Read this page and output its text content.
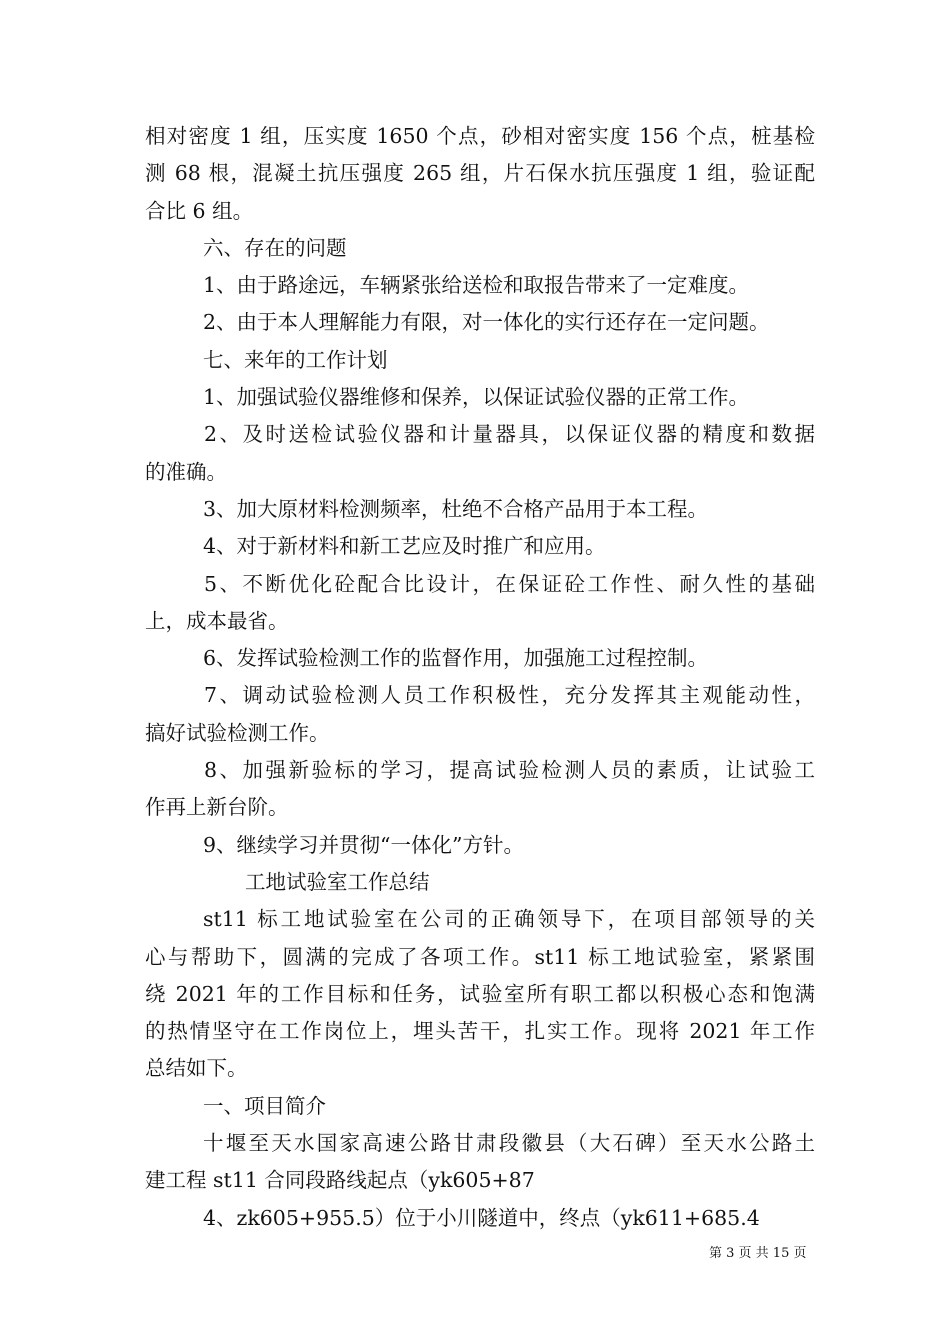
相对密度 1 组，压实度 1650 个点，砂相对密实度 156 个点，桩基检
测 68 根，混凝土抗压强度 265 组，片石保水抗压强度 1 组，验证配
合比 6 组。
六、存在的问题
1、由于路途远，车辆紧张给送检和取报告带来了一定难度。
2、由于本人理解能力有限，对一体化的实行还存在一定问题。
七、来年的工作计划
1、加强试验仪器维修和保养，以保证试验仪器的正常工作。
2、及时送检试验仪器和计量器具，以保证仪器的精度和数据
的准确。
3、加大原材料检测频率，杜绝不合格产品用于本工程。
4、对于新材料和新工艺应及时推广和应用。
5、不断优化砼配合比设计，在保证砼工作性、耐久性的基础
上，成本最省。
6、发挥试验检测工作的监督作用，加强施工过程控制。
7、调动试验检测人员工作积极性，充分发挥其主观能动性，
搞好试验检测工作。
8、加强新验标的学习，提高试验检测人员的素质，让试验工
作再上新台阶。
9、继续学习并贯彻“一体化”方针。
工地试验室工作总结
st11 标工地试验室在公司的正确领导下，在项目部领导的关
心与帮助下，圆满的完成了各项工作。st11 标工地试验室，紧紧围
绕 2021 年的工作目标和任务，试验室所有职工都以积极心态和饱满
的热情坚守在工作岗位上，埋头苦干，扎实工作。现将 2021 年工作
总结如下。
一、项目简介
十堰至天水国家高速公路甘肃段徽县（大石碑）至天水公路土
建工程 st11 合同段路线起点（yk605+87
4、zk605+955.5）位于小川隧道中，终点（yk611+685.4
第 3 页 共 15 页
